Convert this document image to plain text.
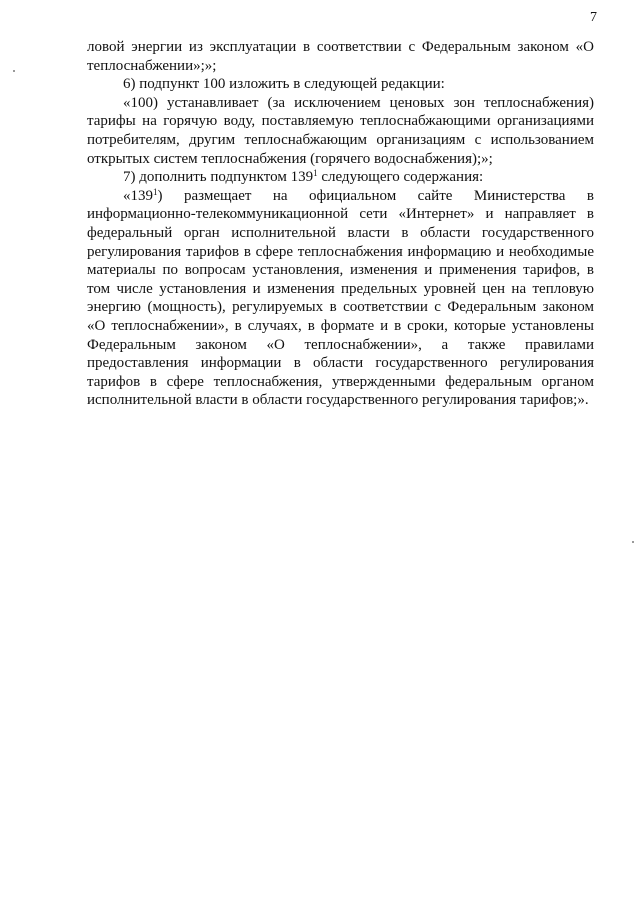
7

ловой энергии из эксплуатации в соответствии с Федеральным законом «О теплоснабжении»;»;

6) подпункт 100 изложить в следующей редакции:

«100) устанавливает (за исключением ценовых зон теплоснабжения) тарифы на горячую воду, поставляемую теплоснабжающими организациями потребителям, другим теплоснабжающим организациям с использованием открытых систем теплоснабжения (горячего водоснабжения);»;

7) дополнить подпунктом $139^1$ следующего содержания:

«$139^1$) размещает на официальном сайте Министерства в информационно-телекоммуникационной сети «Интернет» и направляет в федеральный орган исполнительной власти в области государственного регулирования тарифов в сфере теплоснабжения информацию и необходимые материалы по вопросам установления, изменения и применения тарифов, в том числе установления и изменения предельных уровней цен на тепловую энергию (мощность), регулируемых в соответствии с Федеральным законом «О теплоснабжении», в случаях, в формате и в сроки, которые установлены Федеральным законом «О теплоснабжении», а также правилами предоставления информации в области государственного регулирования тарифов в сфере теплоснабжения, утвержденными федеральным органом исполнительной власти в области государственного регулирования тарифов;».
